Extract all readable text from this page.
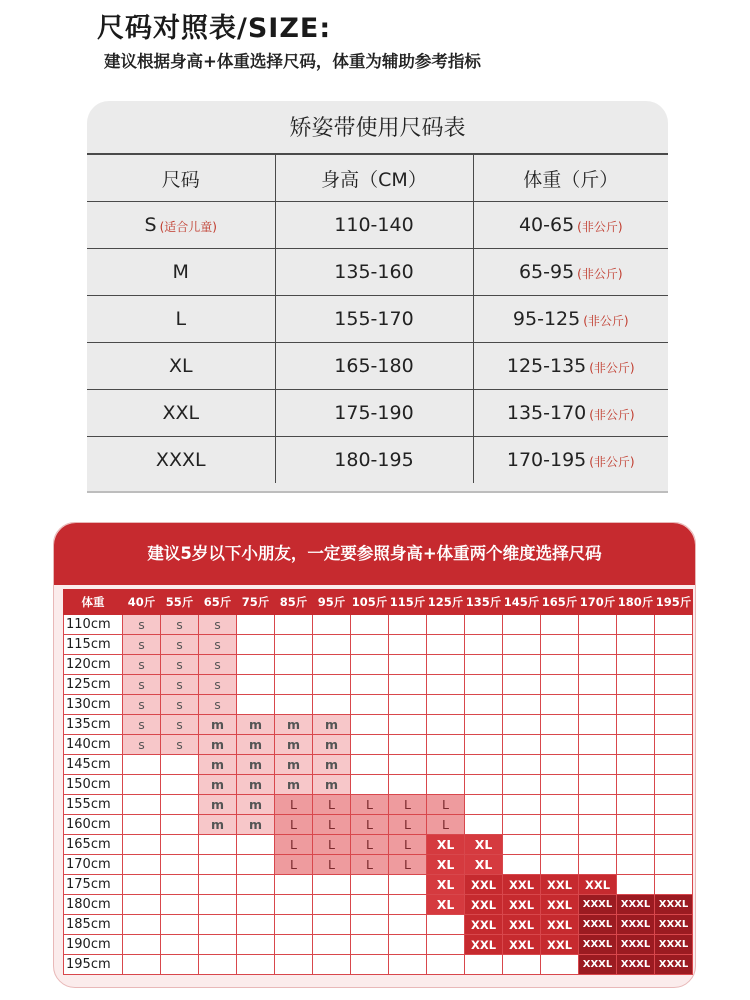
尺码对照表/SIZE:
建议根据身高+体重选择尺码，体重为辅助参考指标
矫姿带使用尺码表
尺码	身高（CM）	体重（斤）
S (适合儿童)	110-140	40-65 (非公斤)
M	135-160	65-95 (非公斤)
L	155-170	95-125 (非公斤)
XL	165-180	125-135 (非公斤)
XXL	175-190	135-170 (非公斤)
XXXL	180-195	170-195 (非公斤)
建议5岁以下小朋友，一定要参照身高+体重两个维度选择尺码
体重	40斤	55斤	65斤	75斤	85斤	95斤	105斤	115斤	125斤	135斤	145斤	165斤	170斤	180斤	195斤
110cm	s	s	s												
115cm	s	s	s												
120cm	s	s	s												
125cm	s	s	s												
130cm	s	s	s												
135cm	s	s	m	m	m	m									
140cm	s	s	m	m	m	m									
145cm			m	m	m	m									
150cm			m	m	m	m									
155cm			m	m	L	L	L	L	L						
160cm			m	m	L	L	L	L	L						
165cm					L	L	L	L	XL	XL					
170cm					L	L	L	L	XL	XL					
175cm									XL	XXL	XXL	XXL	XXL		
180cm									XL	XXL	XXL	XXL	XXXL	XXXL	XXXL
185cm										XXL	XXL	XXL	XXXL	XXXL	XXXL
190cm										XXL	XXL	XXL	XXXL	XXXL	XXXL
195cm													XXXL	XXXL	XXXL
